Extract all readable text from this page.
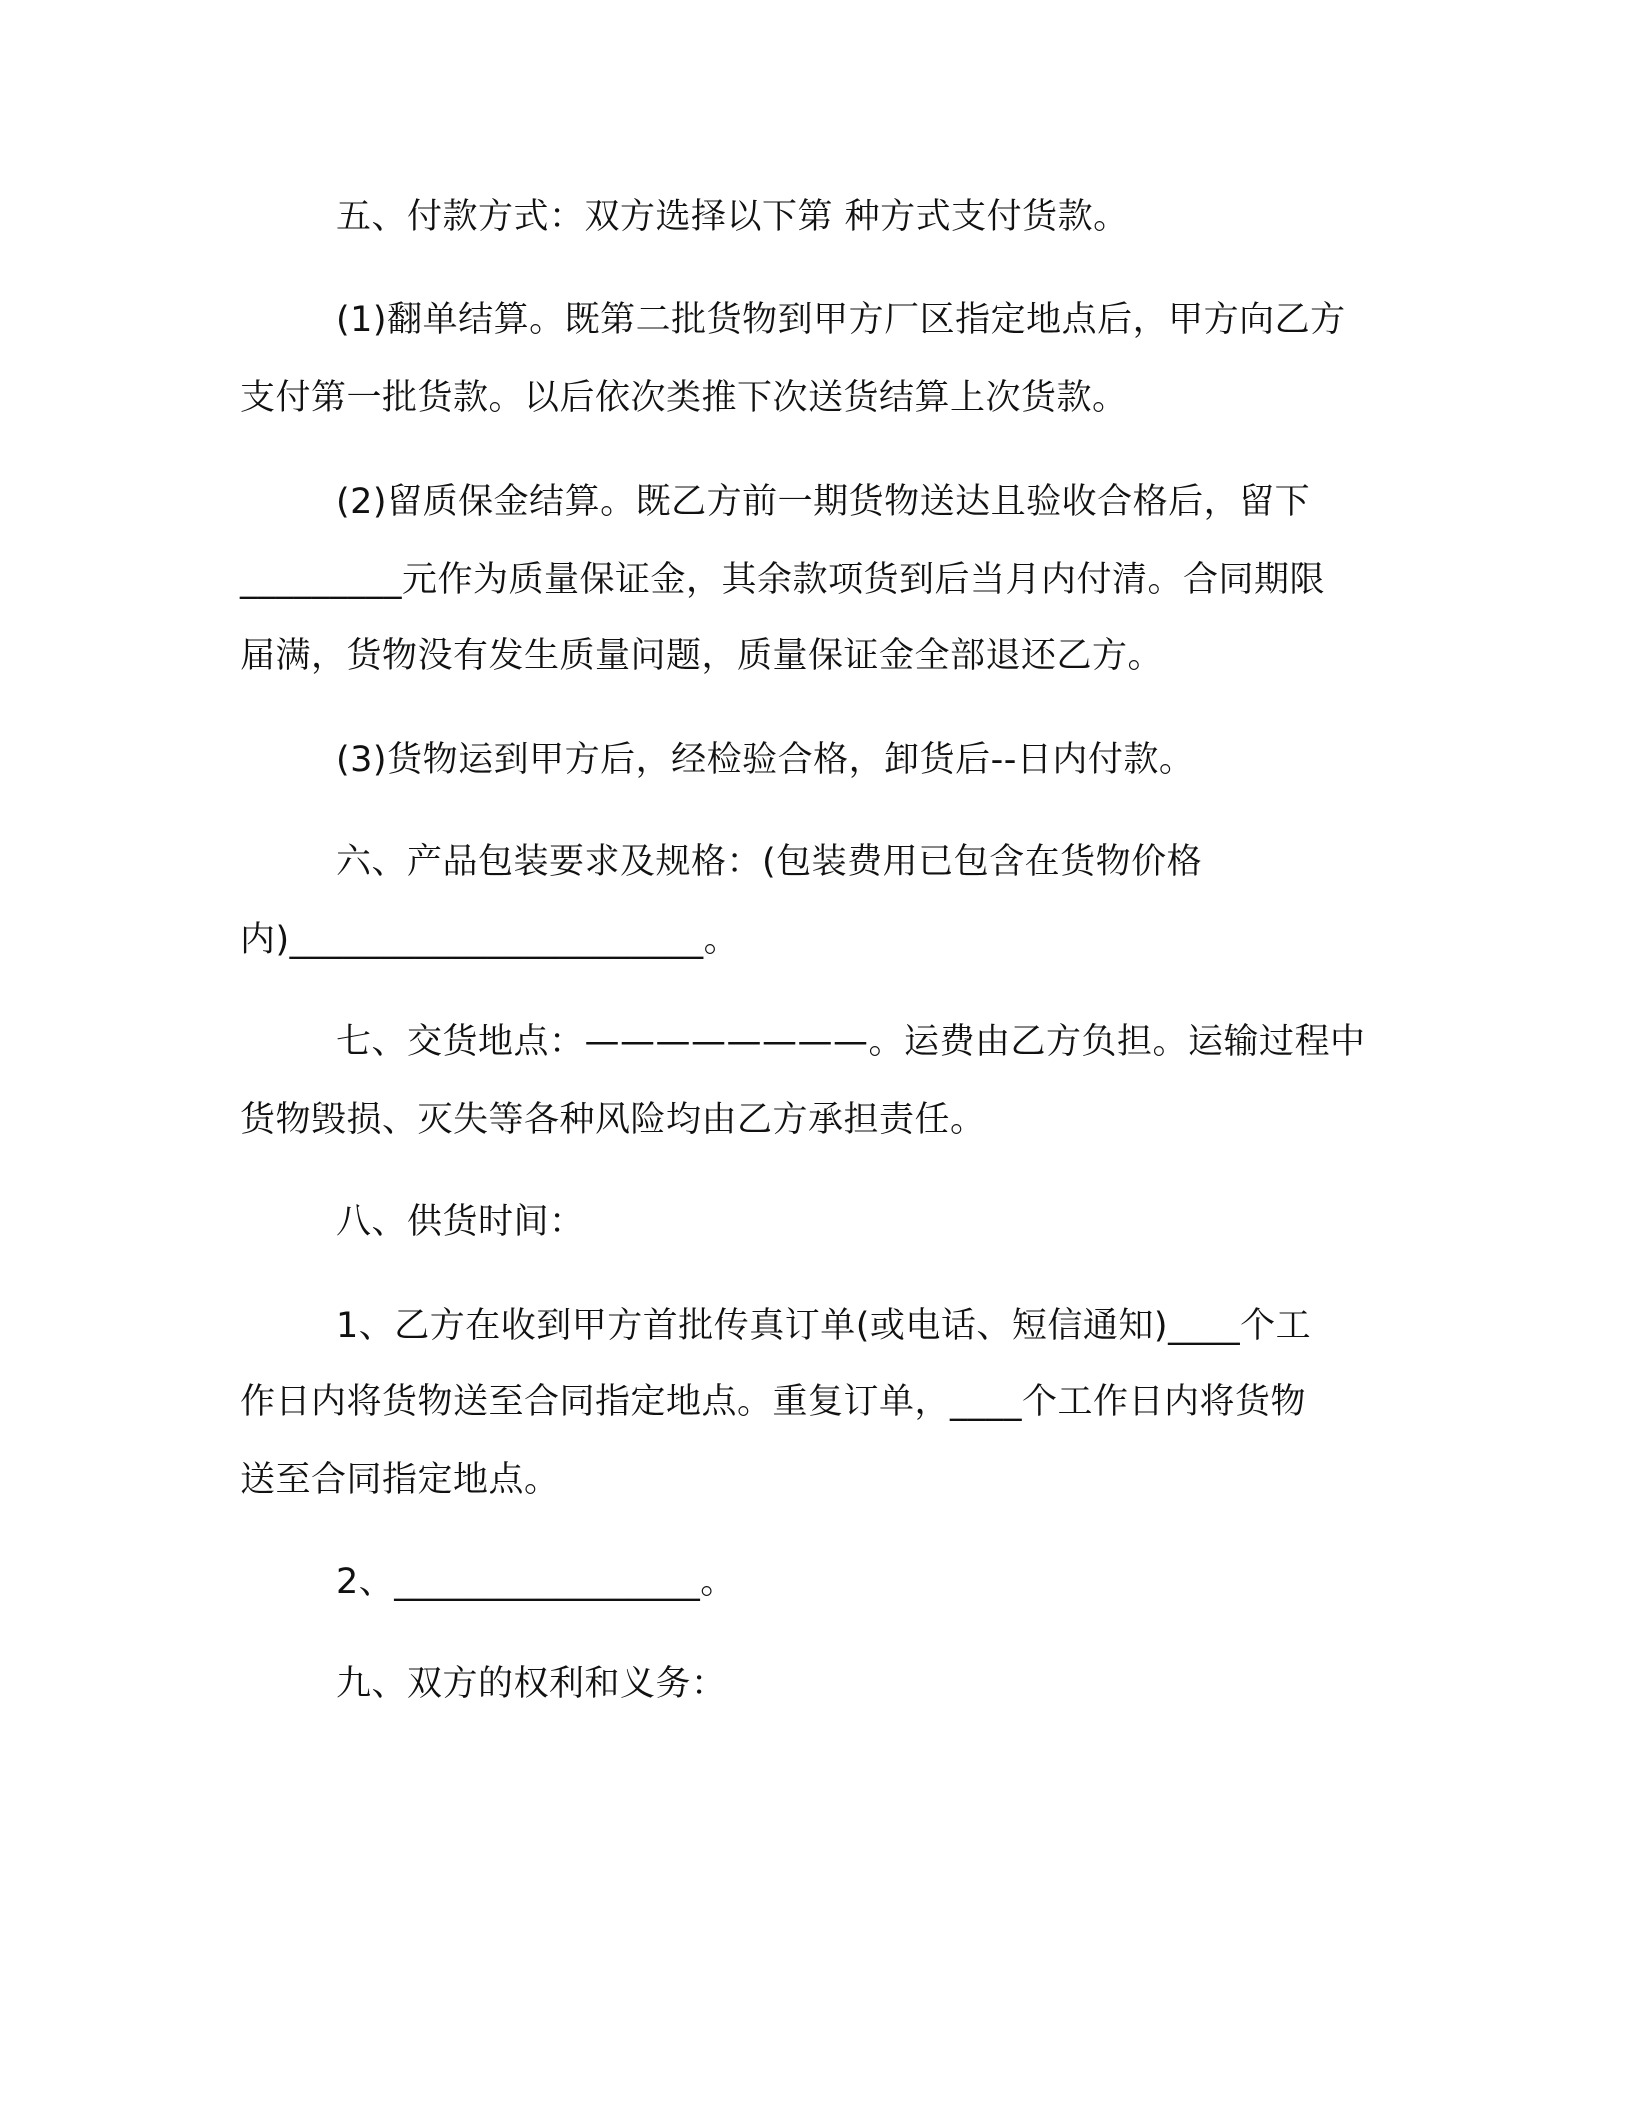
五、付款方式：双方选择以下第 种方式支付货款。
(1)翻单结算。既第二批货物到甲方厂区指定地点后，甲方向乙方
支付第一批货款。以后依次类推下次送货结算上次货款。
(2)留质保金结算。既乙方前一期货物送达且验收合格后，留下
_________元作为质量保证金，其余款项货到后当月内付清。合同期限
届满，货物没有发生质量问题，质量保证金全部退还乙方。
(3)货物运到甲方后，经检验合格，卸货后--日内付款。
六、产品包装要求及规格：(包装费用已包含在货物价格
内)_______________________。
七、交货地点：————————。运费由乙方负担。运输过程中
货物毁损、灭失等各种风险均由乙方承担责任。
八、供货时间：
1、乙方在收到甲方首批传真订单(或电话、短信通知)____个工
作日内将货物送至合同指定地点。重复订单，____个工作日内将货物
送至合同指定地点。
2、_________________。
九、双方的权利和义务：
